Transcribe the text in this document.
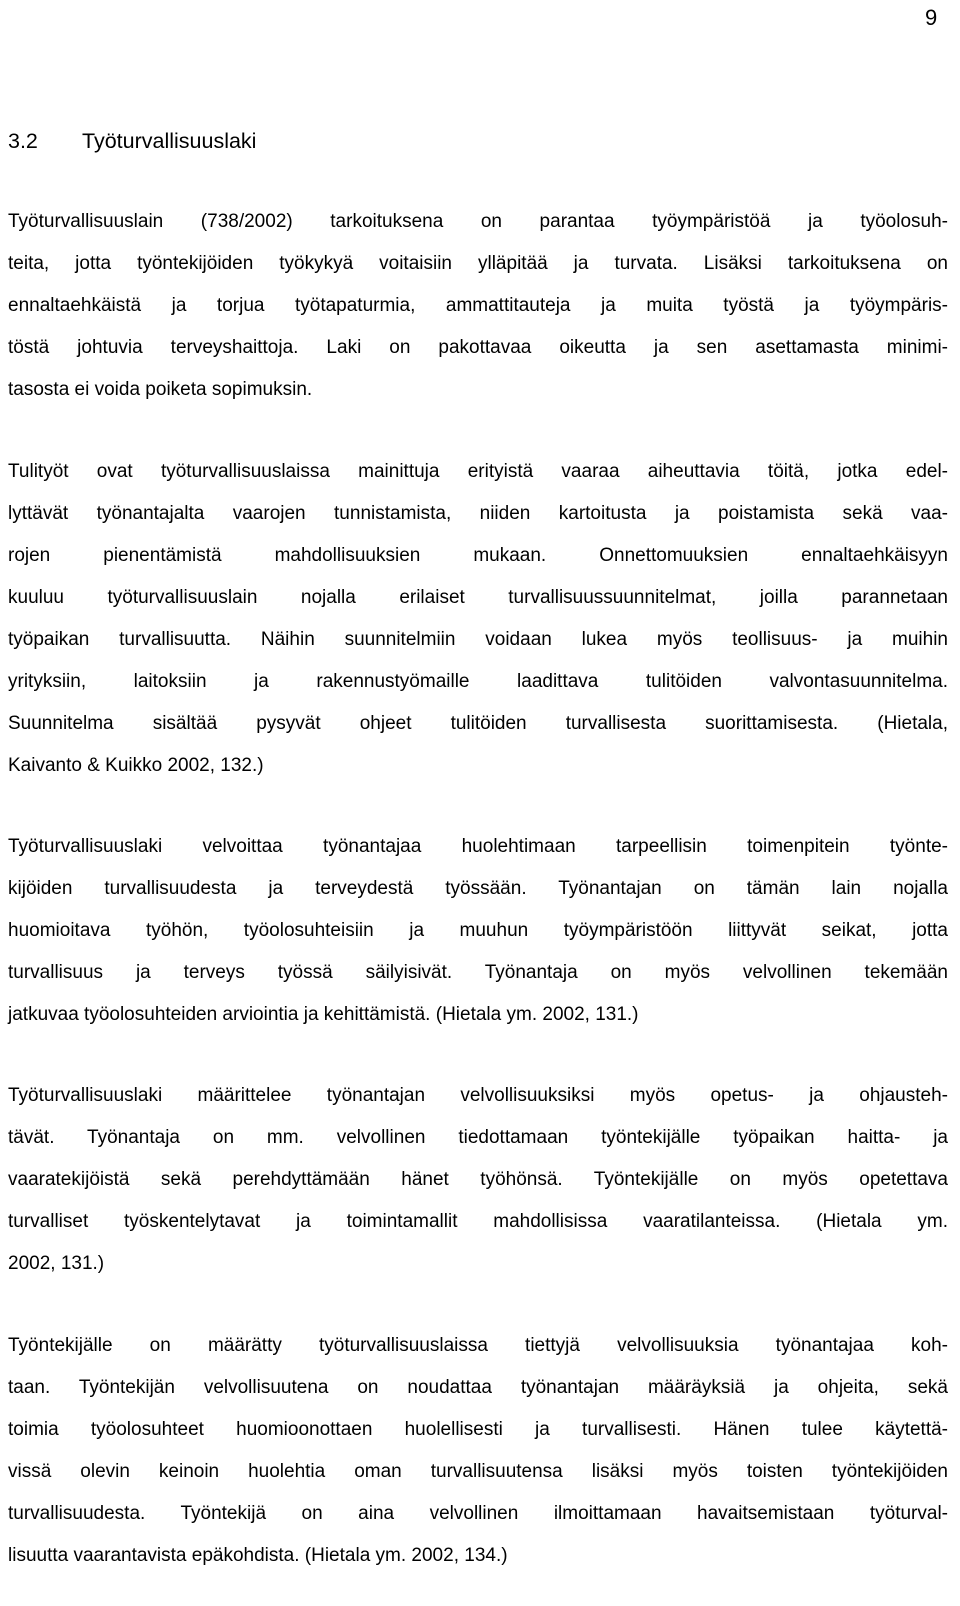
9
3.2 Työturvallisuuslaki
Työturvallisuuslain (738/2002) tarkoituksena on parantaa työympäristöä ja työolosuh-
teita, jotta työntekijöiden työkykyä voitaisiin ylläpitää ja turvata. Lisäksi tarkoituksena on
ennaltaehkäistä ja torjua työtapaturmia, ammattitauteja ja muita työstä ja työympäris-
töstä johtuvia terveyshaittoja. Laki on pakottavaa oikeutta ja sen asettamasta minimi-
tasosta ei voida poiketa sopimuksin.
Tulityöt ovat työturvallisuuslaissa mainittuja erityistä vaaraa aiheuttavia töitä, jotka edel-
lyttävät työnantajalta vaarojen tunnistamista, niiden kartoitusta ja poistamista sekä vaa-
rojen pienentämistä mahdollisuuksien mukaan. Onnettomuuksien ennaltaehkäisyyn
kuuluu työturvallisuuslain nojalla erilaiset turvallisuussuunnitelmat, joilla parannetaan
työpaikan turvallisuutta. Näihin suunnitelmiin voidaan lukea myös teollisuus- ja muihin
yrityksiin, laitoksiin ja rakennustyömaille laadittava tulitöiden valvontasuunnitelma.
Suunnitelma sisältää pysyvät ohjeet tulitöiden turvallisesta suorittamisesta. (Hietala,
Kaivanto & Kuikko 2002, 132.)
Työturvallisuuslaki velvoittaa työnantajaa huolehtimaan tarpeellisin toimenpitein työnte-
kijöiden turvallisuudesta ja terveydestä työssään. Työnantajan on tämän lain nojalla
huomioitava työhön, työolosuhteisiin ja muuhun työympäristöön liittyvät seikat, jotta
turvallisuus ja terveys työssä säilyisivät. Työnantaja on myös velvollinen tekemään
jatkuvaa työolosuhteiden arviointia ja kehittämistä. (Hietala ym. 2002, 131.)
Työturvallisuuslaki määrittelee työnantajan velvollisuuksiksi myös opetus- ja ohjausteh-
tävät. Työnantaja on mm. velvollinen tiedottamaan työntekijälle työpaikan haitta- ja
vaaratekijöistä sekä perehdyttämään hänet työhönsä. Työntekijälle on myös opetettava
turvalliset työskentelytavat ja toimintamallit mahdollisissa vaaratilanteissa. (Hietala ym.
2002, 131.)
Työntekijälle on määrätty työturvallisuuslaissa tiettyjä velvollisuuksia työnantajaa koh-
taan. Työntekijän velvollisuutena on noudattaa työnantajan määräyksiä ja ohjeita, sekä
toimia työolosuhteet huomioonottaen huolellisesti ja turvallisesti. Hänen tulee käytettä-
vissä olevin keinoin huolehtia oman turvallisuutensa lisäksi myös toisten työntekijöiden
turvallisuudesta. Työntekijä on aina velvollinen ilmoittamaan havaitsemistaan työturval-
lisuutta vaarantavista epäkohdista. (Hietala ym. 2002, 134.)
